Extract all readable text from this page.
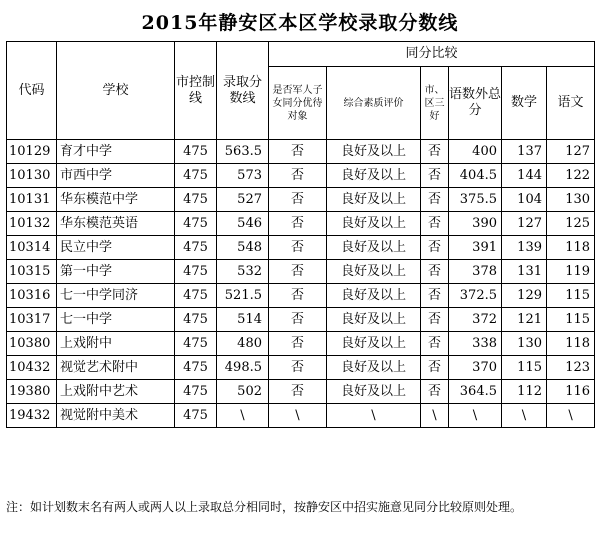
2015年静安区本区学校录取分数线
代码	学校	市控制线	录取分数线	同分比较					
				是否军人子女同分优待对象	综合素质评价	市、区三好	语数外总分	数学	语文
10129	育才中学	475	563.5	否	良好及以上	否	400	137	127
10130	市西中学	475	573	否	良好及以上	否	404.5	144	122
10131	华东模范中学	475	527	否	良好及以上	否	375.5	104	130
10132	华东模范英语	475	546	否	良好及以上	否	390	127	125
10314	民立中学	475	548	否	良好及以上	否	391	139	118
10315	第一中学	475	532	否	良好及以上	否	378	131	119
10316	七一中学同济	475	521.5	否	良好及以上	否	372.5	129	115
10317	七一中学	475	514	否	良好及以上	否	372	121	115
10380	上戏附中	475	480	否	良好及以上	否	338	130	118
10432	视觉艺术附中	475	498.5	否	良好及以上	否	370	115	123
19380	上戏附中艺术	475	502	否	良好及以上	否	364.5	112	116
19432	视觉附中美术	475	\	\	\	\	\	\	\
注：如计划数末名有两人或两人以上录取总分相同时，按静安区中招实施意见同分比较原则处理。
